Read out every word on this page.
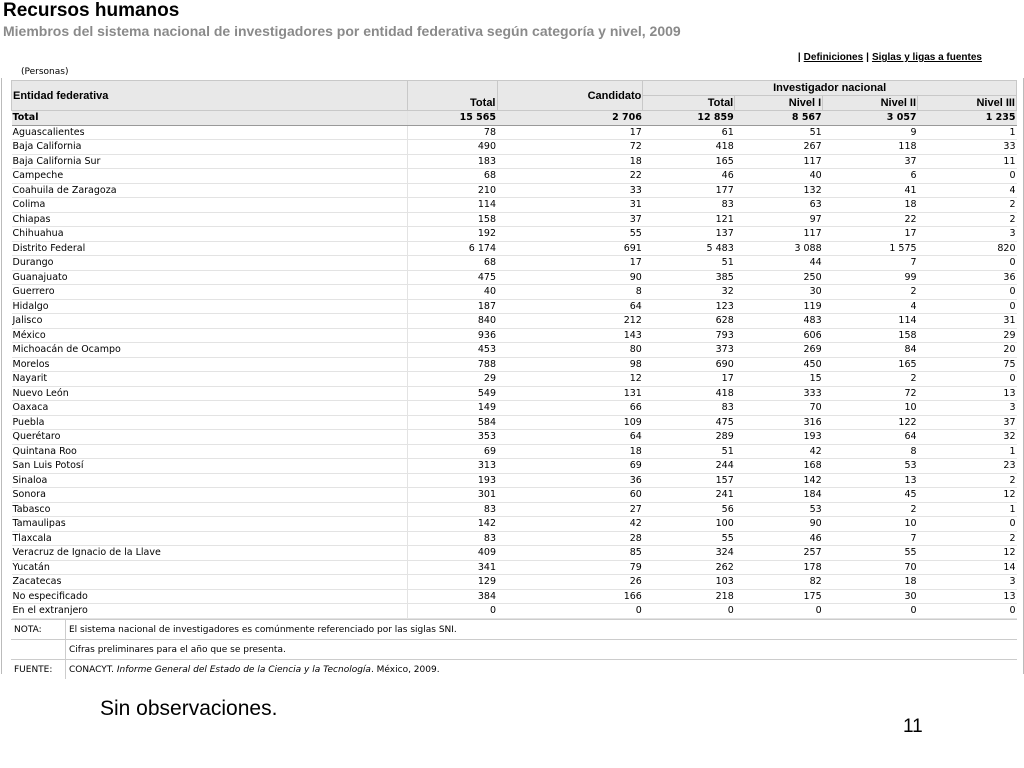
Recursos humanos
Miembros del sistema nacional de investigadores por entidad federativa según categoría y nivel, 2009
| Definiciones | Siglas y ligas a fuentes
(Personas)
Entidad federativa	Total	Candidato	Investigador nacional			
			Total	Nivel I	Nivel II	Nivel III
Total	15 565	2 706	12 859	8 567	3 057	1 235
Aguascalientes	78	17	61	51	9	1
Baja California	490	72	418	267	118	33
Baja California Sur	183	18	165	117	37	11
Campeche	68	22	46	40	6	0
Coahuila de Zaragoza	210	33	177	132	41	4
Colima	114	31	83	63	18	2
Chiapas	158	37	121	97	22	2
Chihuahua	192	55	137	117	17	3
Distrito Federal	6 174	691	5 483	3 088	1 575	820
Durango	68	17	51	44	7	0
Guanajuato	475	90	385	250	99	36
Guerrero	40	8	32	30	2	0
Hidalgo	187	64	123	119	4	0
Jalisco	840	212	628	483	114	31
México	936	143	793	606	158	29
Michoacán de Ocampo	453	80	373	269	84	20
Morelos	788	98	690	450	165	75
Nayarit	29	12	17	15	2	0
Nuevo León	549	131	418	333	72	13
Oaxaca	149	66	83	70	10	3
Puebla	584	109	475	316	122	37
Querétaro	353	64	289	193	64	32
Quintana Roo	69	18	51	42	8	1
San Luis Potosí	313	69	244	168	53	23
Sinaloa	193	36	157	142	13	2
Sonora	301	60	241	184	45	12
Tabasco	83	27	56	53	2	1
Tamaulipas	142	42	100	90	10	0
Tlaxcala	83	28	55	46	7	2
Veracruz de Ignacio de la Llave	409	85	324	257	55	12
Yucatán	341	79	262	178	70	14
Zacatecas	129	26	103	82	18	3
No especificado	384	166	218	175	30	13
En el extranjero	0	0	0	0	0	0
NOTA:	El sistema nacional de investigadores es comúnmente referenciado por las siglas SNI.
	Cifras preliminares para el año que se presenta.
FUENTE:	CONACYT. Informe General del Estado de la Ciencia y la Tecnología. México, 2009.
Sin observaciones.
11
